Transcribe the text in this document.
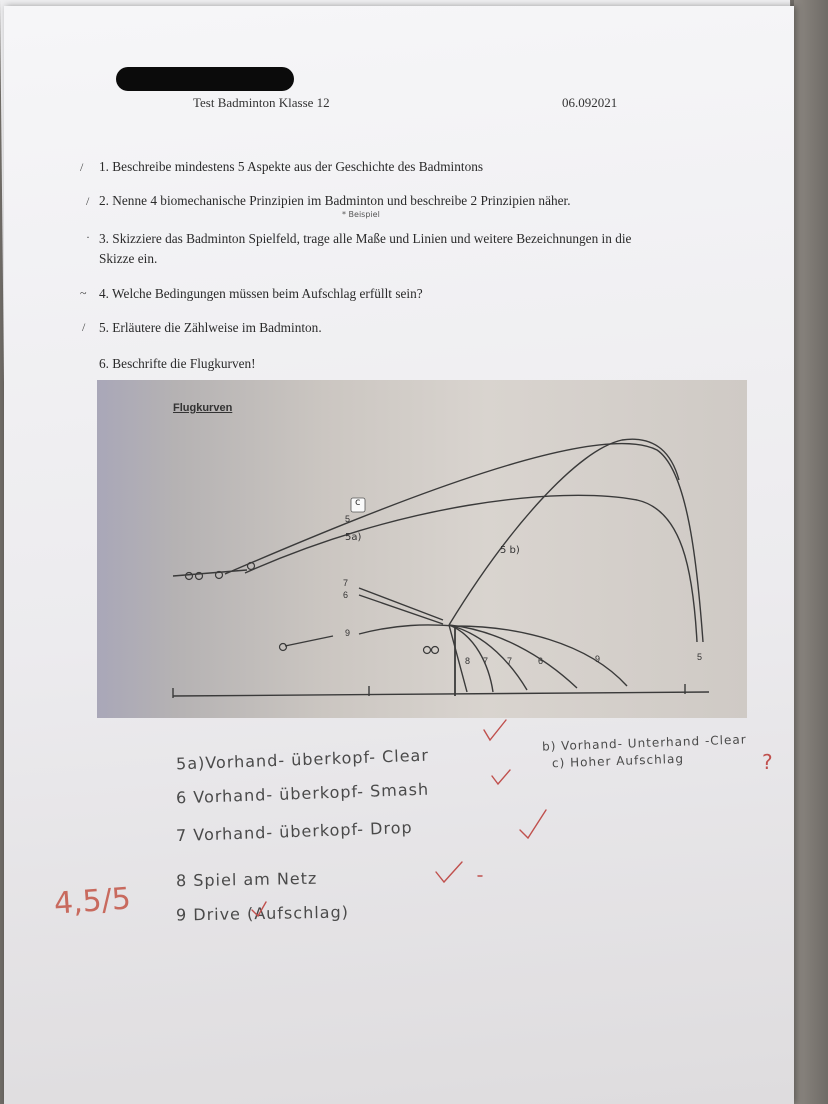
Test Badminton Klasse 12	06.092021
/
/
·
~
/
1. Beschreibe mindestens 5 Aspekte aus der Geschichte des Badmintons
2. Nenne 4 biomechanische Prinzipien im Badminton und beschreibe 2 Prinzipien näher.
* Beispiel
3. Skizziere das Badminton Spielfeld, trage alle Maße und Linien und weitere Bezeichnungen in die
Skizze ein.
4. Welche Bedingungen müssen beim Aufschlag erfüllt sein?
5. Erläutere die Zählweise im Badminton.
6. Beschrifte die Flugkurven!
Flugkurven
c
5
5a)
5 b)
7
6
9
8 7 7	6	9	5
5a)Vorhand- überkopf- Clear
6 Vorhand- überkopf- Smash
7 Vorhand- überkopf- Drop
8 Spiel am Netz
9 Drive (Aufschlag)
b) Vorhand- Unterhand -Clear
c) Hoher Aufschlag	?
4,5/5
